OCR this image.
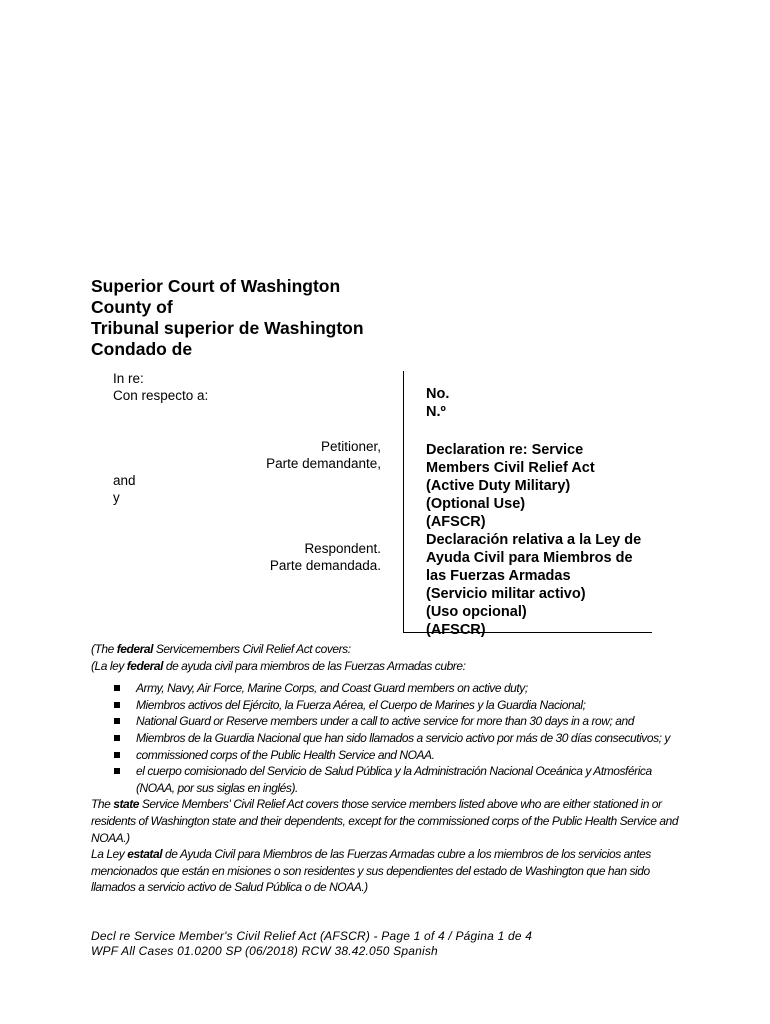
Superior Court of Washington
County of
Tribunal superior de Washington
Condado de
In re:
Con respecto a:
Petitioner,
Parte demandante,
and
y
Respondent.
Parte demandada.
No.
N.º
Declaration re: Service
Members Civil Relief Act
(Active Duty Military)
(Optional Use)
(AFSCR)
Declaración relativa a la Ley de
Ayuda Civil para Miembros de
las Fuerzas Armadas
(Servicio militar activo)
(Uso opcional)
(AFSCR)
(The federal Servicemembers Civil Relief Act covers:
(La ley federal de ayuda civil para miembros de las Fuerzas Armadas cubre:
Army, Navy, Air Force, Marine Corps, and Coast Guard members on active duty;
Miembros activos del Ejército, la Fuerza Aérea, el Cuerpo de Marines y la Guardia Nacional;
National Guard or Reserve members under a call to active service for more than 30 days in a row; and
Miembros de la Guardia Nacional que han sido llamados a servicio activo por más de 30 días consecutivos; y
commissioned corps of the Public Health Service and NOAA.
el cuerpo comisionado del Servicio de Salud Pública y la Administración Nacional Oceánica y Atmosférica (NOAA, por sus siglas en inglés).
The state Service Members' Civil Relief Act covers those service members listed above who are either stationed in or residents of Washington state and their dependents, except for the commissioned corps of the Public Health Service and NOAA.)
La Ley estatal de Ayuda Civil para Miembros de las Fuerzas Armadas cubre a los miembros de los servicios antes mencionados que están en misiones o son residentes y sus dependientes del estado de Washington que han sido llamados a servicio activo de Salud Pública o de NOAA.)
Decl re Service Member's Civil Relief Act (AFSCR) - Page 1 of 4 / Página 1 de 4
WPF All Cases 01.0200 SP (06/2018) RCW 38.42.050 Spanish
